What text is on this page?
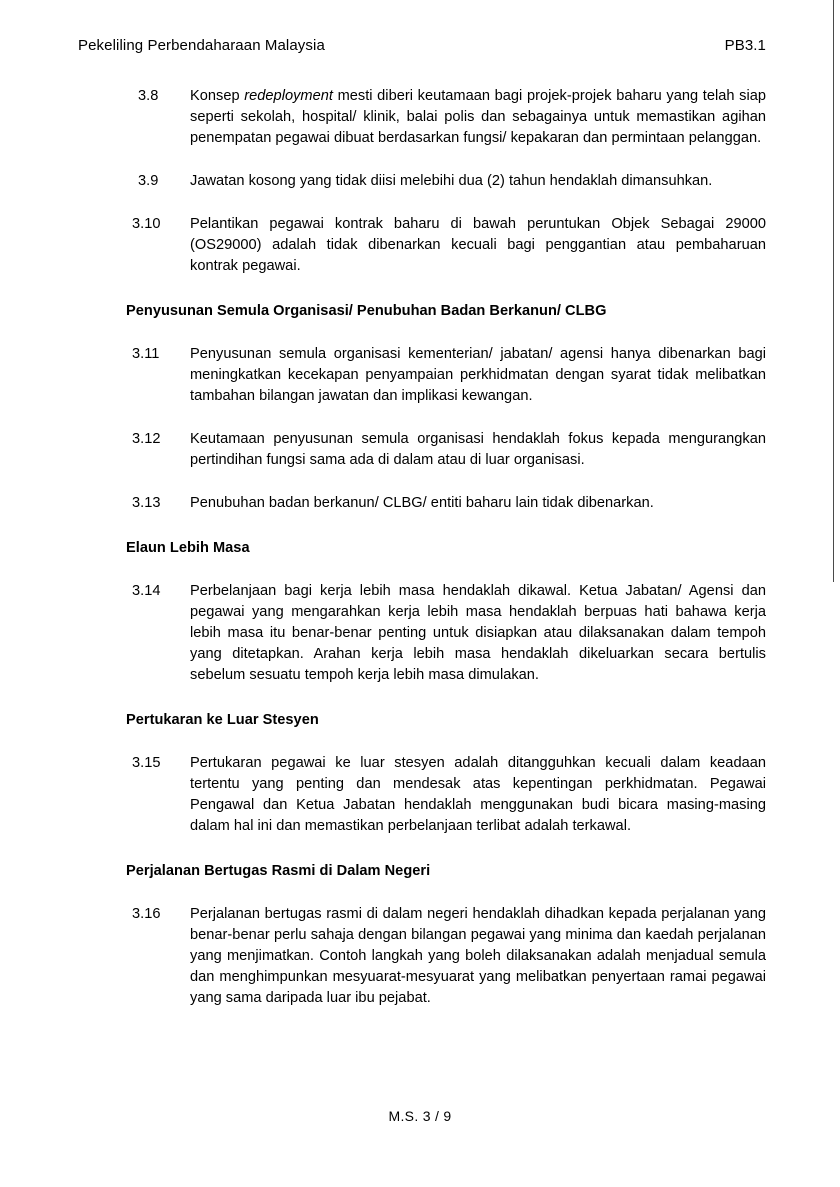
Pekeliling Perbendaharaan Malaysia	PB3.1
3.8	Konsep redeployment mesti diberi keutamaan bagi projek-projek baharu yang telah siap seperti sekolah, hospital/ klinik, balai polis dan sebagainya untuk memastikan agihan penempatan pegawai dibuat berdasarkan fungsi/ kepakaran dan permintaan pelanggan.
3.9	Jawatan kosong yang tidak diisi melebihi dua (2) tahun hendaklah dimansuhkan.
3.10	Pelantikan pegawai kontrak baharu di bawah peruntukan Objek Sebagai 29000 (OS29000) adalah tidak dibenarkan kecuali bagi penggantian atau pembaharuan kontrak pegawai.
Penyusunan Semula Organisasi/ Penubuhan Badan Berkanun/ CLBG
3.11	Penyusunan semula organisasi kementerian/ jabatan/ agensi hanya dibenarkan bagi meningkatkan kecekapan penyampaian perkhidmatan dengan syarat tidak melibatkan tambahan bilangan jawatan dan implikasi kewangan.
3.12	Keutamaan penyusunan semula organisasi hendaklah fokus kepada mengurangkan pertindihan fungsi sama ada di dalam atau di luar organisasi.
3.13	Penubuhan badan berkanun/ CLBG/ entiti baharu lain tidak dibenarkan.
Elaun Lebih Masa
3.14	Perbelanjaan bagi kerja lebih masa hendaklah dikawal. Ketua Jabatan/ Agensi dan pegawai yang mengarahkan kerja lebih masa hendaklah berpuas hati bahawa kerja lebih masa itu benar-benar penting untuk disiapkan atau dilaksanakan dalam tempoh yang ditetapkan. Arahan kerja lebih masa hendaklah dikeluarkan secara bertulis sebelum sesuatu tempoh kerja lebih masa dimulakan.
Pertukaran ke Luar Stesyen
3.15	Pertukaran pegawai ke luar stesyen adalah ditangguhkan kecuali dalam keadaan tertentu yang penting dan mendesak atas kepentingan perkhidmatan. Pegawai Pengawal dan Ketua Jabatan hendaklah menggunakan budi bicara masing-masing dalam hal ini dan memastikan perbelanjaan terlibat adalah terkawal.
Perjalanan Bertugas Rasmi di Dalam Negeri
3.16	Perjalanan bertugas rasmi di dalam negeri hendaklah dihadkan kepada perjalanan yang benar-benar perlu sahaja dengan bilangan pegawai yang minima dan kaedah perjalanan yang menjimatkan. Contoh langkah yang boleh dilaksanakan adalah menjadual semula dan menghimpunkan mesyuarat-mesyuarat yang melibatkan penyertaan ramai pegawai yang sama daripada luar ibu pejabat.
M.S. 3 / 9
